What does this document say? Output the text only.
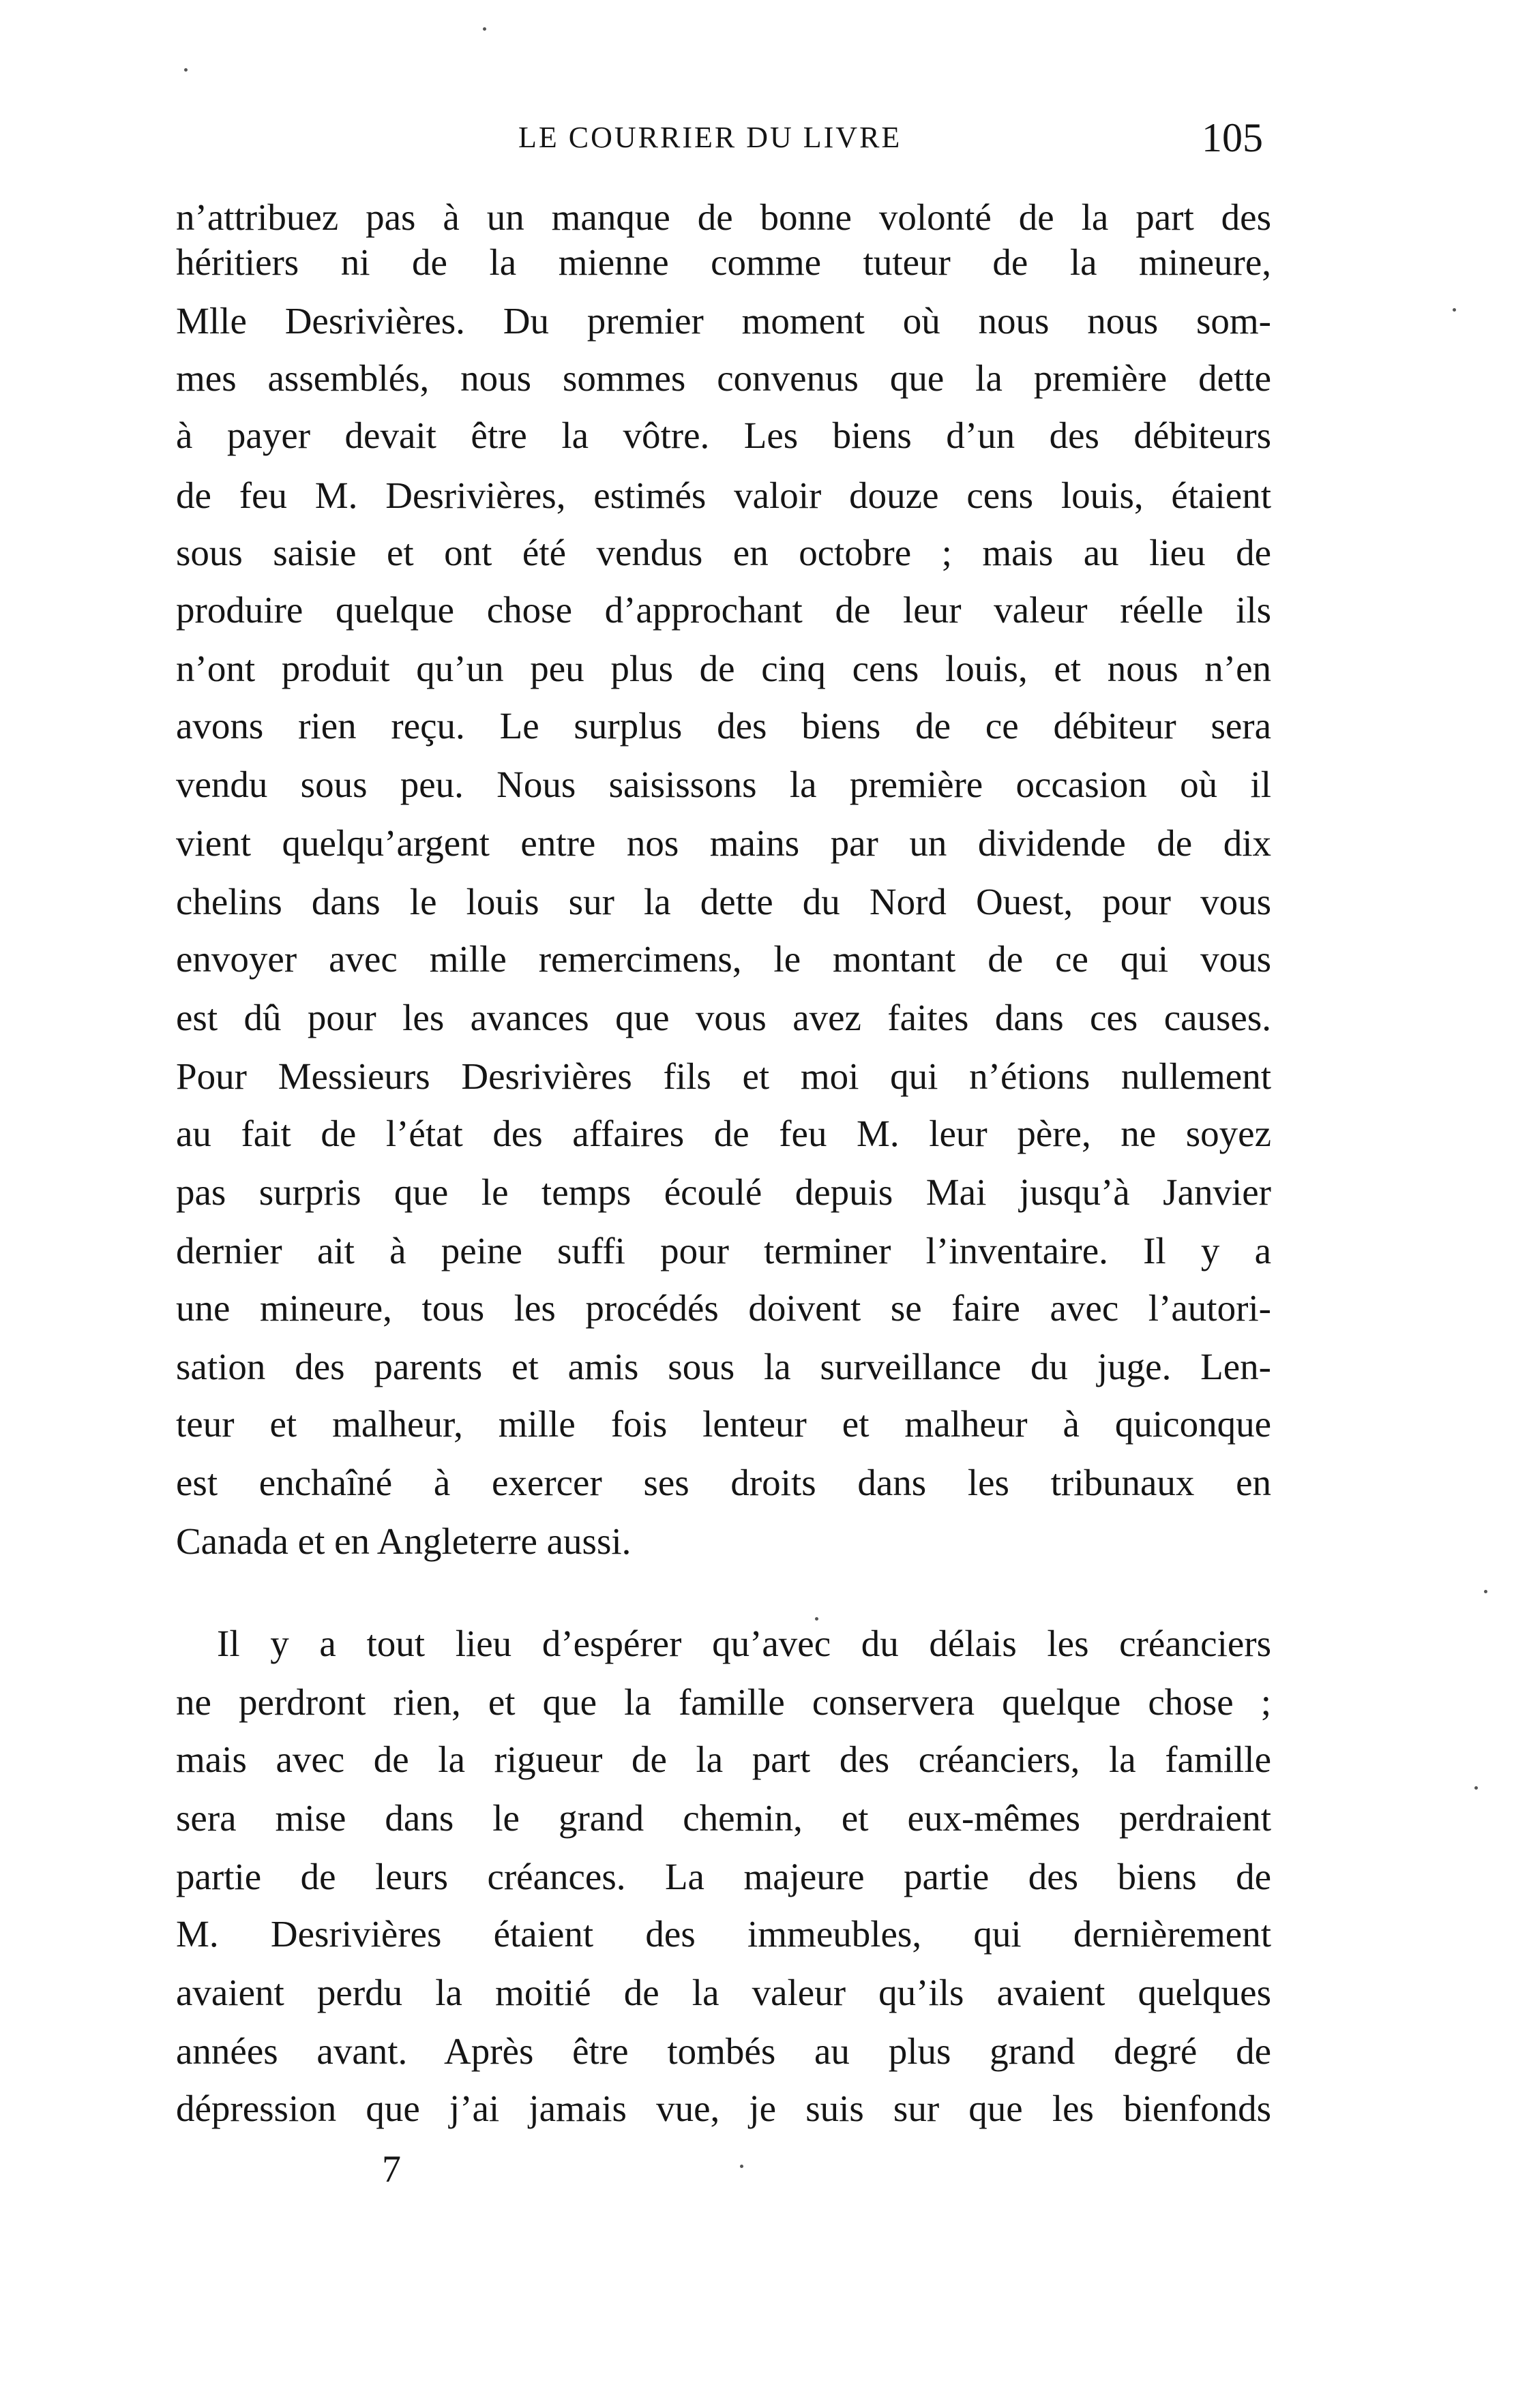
LE COURRIER DU LIVRE	105
n’attribuez pas à un manque de bonne volonté de la part des
héritiers ni de la mienne comme tuteur de la mineure,
Mlle Desrivières. Du premier moment où nous nous som-
mes assemblés, nous sommes convenus que la première dette
à payer devait être la vôtre. Les biens d’un des débiteurs
de feu M. Desrivières, estimés valoir douze cens louis, étaient
sous saisie et ont été vendus en octobre ; mais au lieu de
produire quelque chose d’approchant de leur valeur réelle ils
n’ont produit qu’un peu plus de cinq cens louis, et nous n’en
avons rien reçu. Le surplus des biens de ce débiteur sera
vendu sous peu. Nous saisissons la première occasion où il
vient quelqu’argent entre nos mains par un dividende de dix
chelins dans le louis sur la dette du Nord Ouest, pour vous
envoyer avec mille remercimens, le montant de ce qui vous
est dû pour les avances que vous avez faites dans ces causes.
Pour Messieurs Desrivières fils et moi qui n’étions nullement
au fait de l’état des affaires de feu M. leur père, ne soyez
pas surpris que le temps écoulé depuis Mai jusqu’à Janvier
dernier ait à peine suffi pour terminer l’inventaire. Il y a
une mineure, tous les procédés doivent se faire avec l’autori-
sation des parents et amis sous la surveillance du juge. Len-
teur et malheur, mille fois lenteur et malheur à quiconque
est enchaîné à exercer ses droits dans les tribunaux en
Canada et en Angleterre aussi.
Il y a tout lieu d’espérer qu’avec du délais les créanciers
ne perdront rien, et que la famille conservera quelque chose ;
mais avec de la rigueur de la part des créanciers, la famille
sera mise dans le grand chemin, et eux-mêmes perdraient
partie de leurs créances. La majeure partie des biens de
M. Desrivières étaient des immeubles, qui dernièrement
avaient perdu la moitié de la valeur qu’ils avaient quelques
années avant. Après être tombés au plus grand degré de
dépression que j’ai jamais vue, je suis sur que les bienfonds
7
